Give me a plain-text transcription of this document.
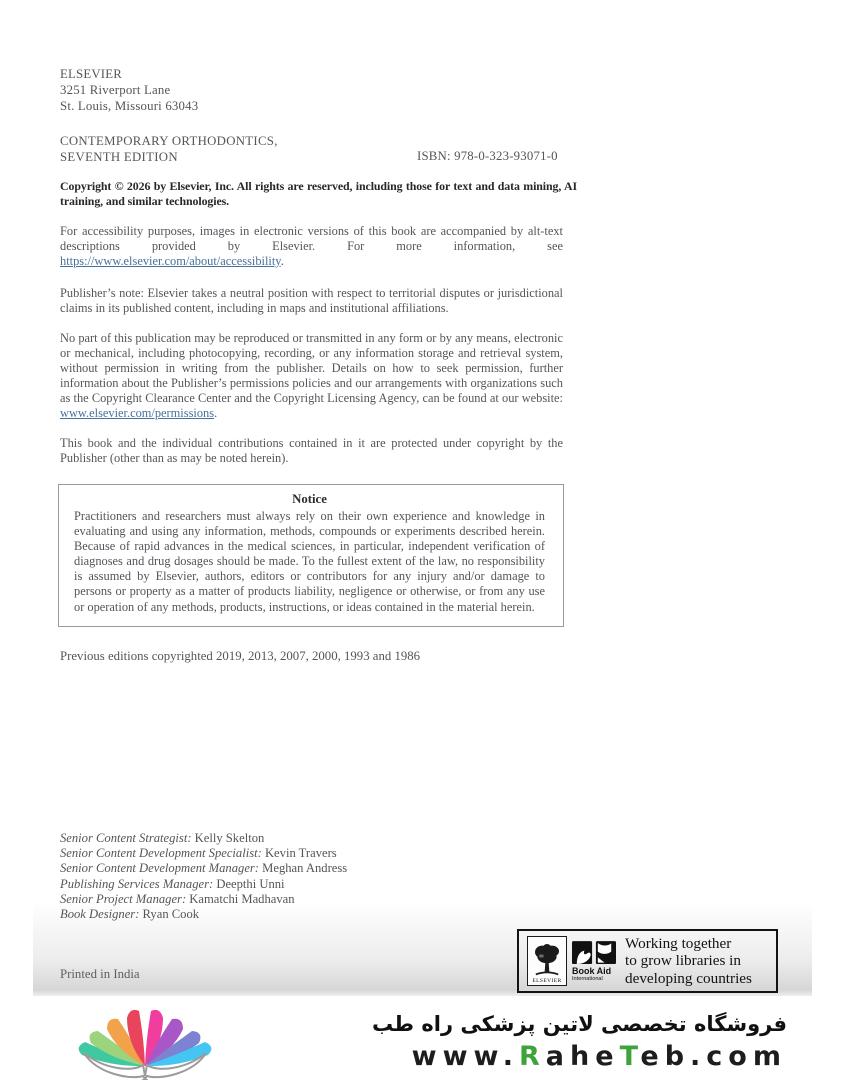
ELSEVIER
3251 Riverport Lane
St. Louis, Missouri 63043
CONTEMPORARY ORTHODONTICS,
SEVENTH EDITION	ISBN: 978-0-323-93071-0

Copyright © 2026 by Elsevier, Inc. All rights are reserved, including those for text and data mining, AI training, and similar technologies.

For accessibility purposes, images in electronic versions of this book are accompanied by alt-text descriptions provided by Elsevier. For more information, see https://www.elsevier.com/about/accessibility.

Publisher’s note: Elsevier takes a neutral position with respect to territorial disputes or jurisdictional claims in its published content, including in maps and institutional affiliations.

No part of this publication may be reproduced or transmitted in any form or by any means, electronic or mechanical, including photocopying, recording, or any information storage and retrieval system, without permission in writing from the publisher. Details on how to seek permission, further information about the Publisher’s permissions policies and our arrangements with organizations such as the Copyright Clearance Center and the Copyright Licensing Agency, can be found at our website: www.elsevier.com/permissions.

This book and the individual contributions contained in it are protected under copyright by the Publisher (other than as may be noted herein).

Notice
Practitioners and researchers must always rely on their own experience and knowledge in evaluating and using any information, methods, compounds or experiments described herein. Because of rapid advances in the medical sciences, in particular, independent verification of diagnoses and drug dosages should be made. To the fullest extent of the law, no responsibility is assumed by Elsevier, authors, editors or contributors for any injury and/or damage to persons or property as a matter of products liability, negligence or otherwise, or from any use or operation of any methods, products, instructions, or ideas contained in the material herein.

Previous editions copyrighted 2019, 2013, 2007, 2000, 1993 and 1986

Senior Content Strategist: Kelly Skelton
Senior Content Development Specialist: Kevin Travers
Senior Content Development Manager: Meghan Andress
Publishing Services Manager: Deepthi Unni
Senior Project Manager: Kamatchi Madhavan
Book Designer: Ryan Cook

Printed in India	ELSEVIER
Book Aid
International
Working together
to grow libraries in
developing countries
فروشگاه تخصصی لاتین پزشکی راه طب
www.RaheTeb.com
